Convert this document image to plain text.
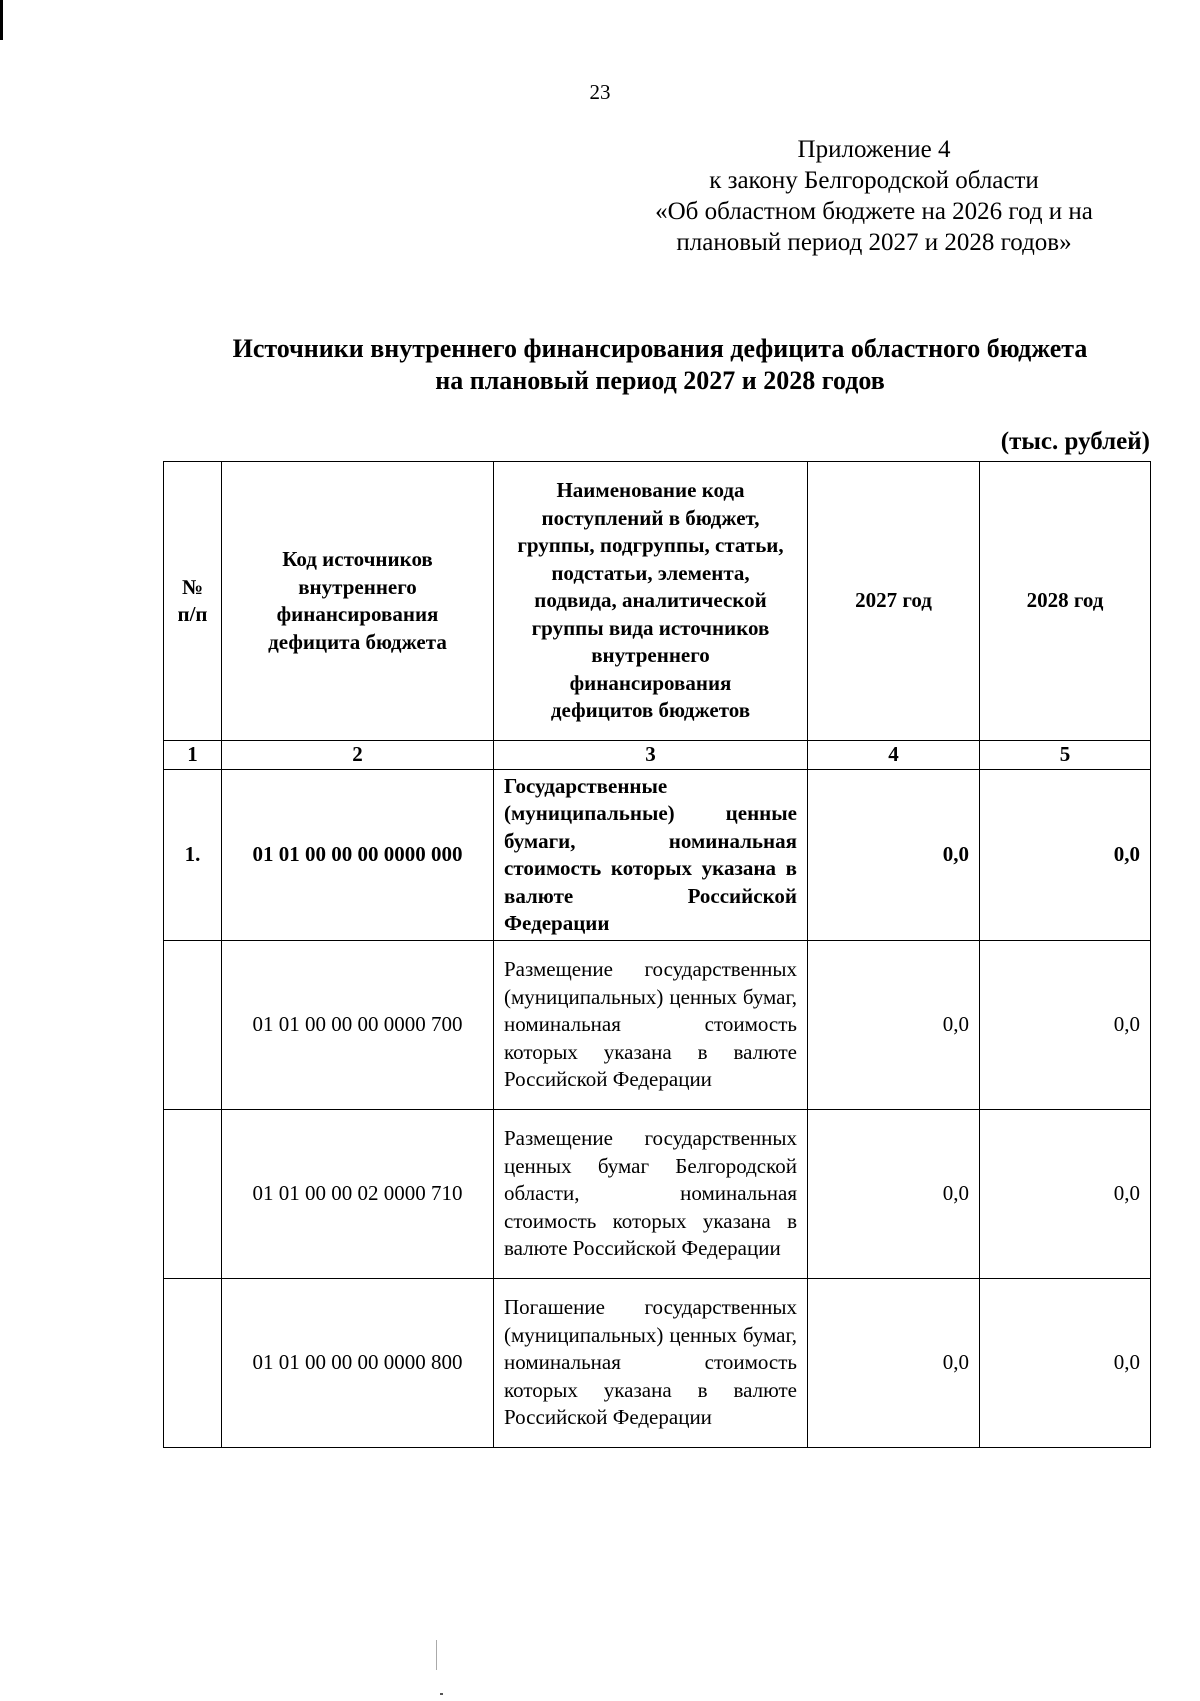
23
Приложение 4
к закону Белгородской области
«Об областном бюджете на 2026 год и на
плановый период 2027 и 2028 годов»
Источники внутреннего финансирования дефицита областного бюджета
на плановый период 2027 и 2028 годов
(тыс. рублей)
№ п/п	Код источников внутреннего финансирования дефицита бюджета	Наименование кода поступлений в бюджет, группы, подгруппы, статьи, подстатьи, элемента, подвида, аналитической группы вида источников внутреннего финансирования дефицитов бюджетов	2027 год	2028 год
1	2	3	4	5
1.	01 01 00 00 00 0000 000	Государственные (муниципальные) ценные бумаги, номинальная стоимость которых указана в валюте Российской Федерации	0,0	0,0
	01 01 00 00 00 0000 700	Размещение государственных (муниципальных) ценных бумаг, номинальная стоимость которых указана в валюте Российской Федерации	0,0	0,0
	01 01 00 00 02 0000 710	Размещение государственных ценных бумаг Белгородской области, номинальная стоимость которых указана в валюте Российской Федерации	0,0	0,0
	01 01 00 00 00 0000 800	Погашение государственных (муниципальных) ценных бумаг, номинальная стоимость которых указана в валюте Российской Федерации	0,0	0,0
